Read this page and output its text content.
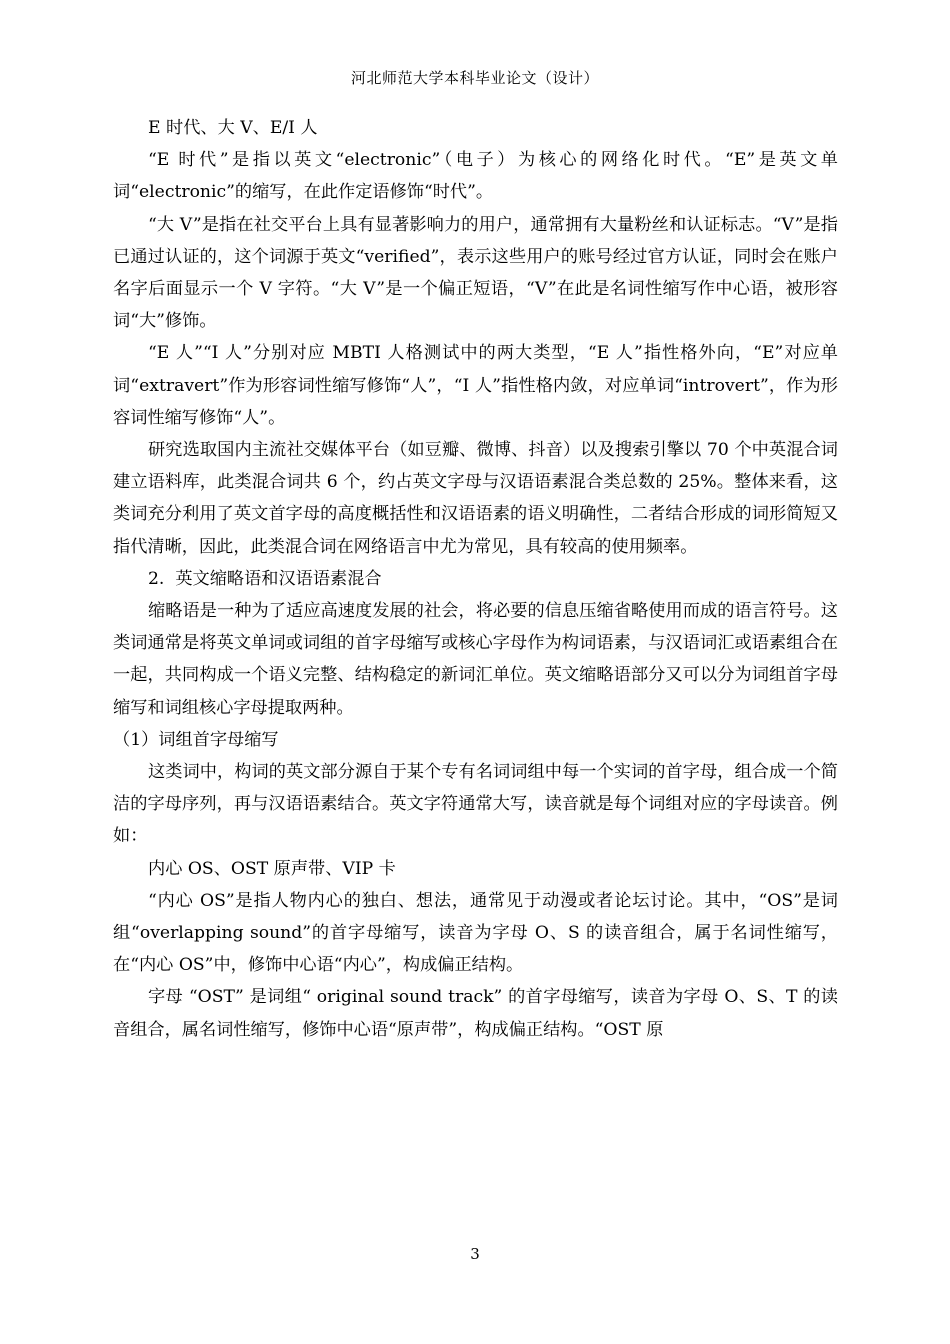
河北师范大学本科毕业论文（设计）

E 时代、大 V、E/I 人

“E 时代”是指以英文“electronic”（电子）为核心的网络化时代。“E”是英文单词“electronic”的缩写，在此作定语修饰“时代”。

“大 V”是指在社交平台上具有显著影响力的用户，通常拥有大量粉丝和认证标志。“V”是指已通过认证的，这个词源于英文“verified”，表示这些用户的账号经过官方认证，同时会在账户名字后面显示一个 V 字符。“大 V”是一个偏正短语，“V”在此是名词性缩写作中心语，被形容词“大”修饰。

“E 人”“I 人”分别对应 MBTI 人格测试中的两大类型，“E 人”指性格外向，“E”对应单词“extravert”作为形容词性缩写修饰“人”，“I 人”指性格内敛，对应单词“introvert”，作为形容词性缩写修饰“人”。

研究选取国内主流社交媒体平台（如豆瓣、微博、抖音）以及搜索引擎以 70 个中英混合词建立语料库，此类混合词共 6 个，约占英文字母与汉语语素混合类总数的 25%。整体来看，这类词充分利用了英文首字母的高度概括性和汉语语素的语义明确性，二者结合形成的词形简短又指代清晰，因此，此类混合词在网络语言中尤为常见，具有较高的使用频率。

2.  英文缩略语和汉语语素混合

缩略语是一种为了适应高速度发展的社会，将必要的信息压缩省略使用而成的语言符号。这类词通常是将英文单词或词组的首字母缩写或核心字母作为构词语素，与汉语词汇或语素组合在一起，共同构成一个语义完整、结构稳定的新词汇单位。英文缩略语部分又可以分为词组首字母缩写和词组核心字母提取两种。

（1）词组首字母缩写

这类词中，构词的英文部分源自于某个专有名词词组中每一个实词的首字母，组合成一个简洁的字母序列，再与汉语语素结合。英文字符通常大写，读音就是每个词组对应的字母读音。例如：

内心 OS、OST 原声带、VIP 卡

“内心 OS”是指人物内心的独白、想法，通常见于动漫或者论坛讨论。其中，“OS”是词组“overlapping sound”的首字母缩写，读音为字母 O、S 的读音组合，属于名词性缩写，在“内心 OS”中，修饰中心语“内心”，构成偏正结构。

字母 “OST” 是词组“ original sound track” 的首字母缩写，读音为字母 O、S、T 的读音组合，属名词性缩写，修饰中心语“原声带”，构成偏正结构。“OST 原

3
